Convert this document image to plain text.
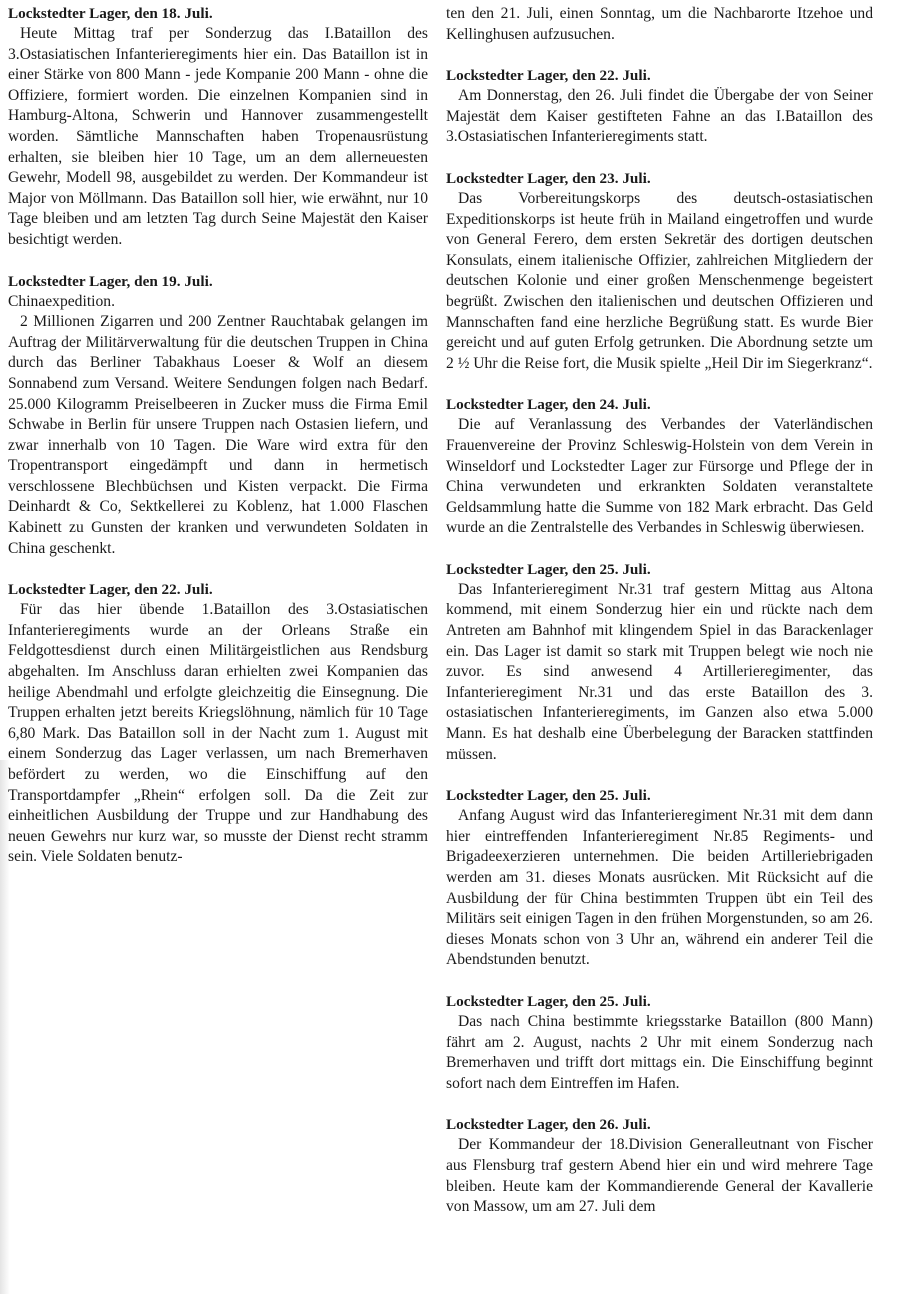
Lockstedter Lager, den 18. Juli.

Heute Mittag traf per Sonderzug das I.Bataillon des 3.Ostasiatischen Infanterieregiments hier ein. Das Bataillon ist in einer Stärke von 800 Mann - jede Kompanie 200 Mann - ohne die Offiziere, formiert worden. Die einzelnen Kompanien sind in Hamburg-Altona, Schwerin und Hannover zusammengestellt worden. Sämtliche Mannschaften haben Tropenausrüstung erhalten, sie bleiben hier 10 Tage, um an dem allerneuesten Gewehr, Modell 98, ausgebildet zu werden. Der Kommandeur ist Major von Möllmann. Das Bataillon soll hier, wie erwähnt, nur 10 Tage bleiben und am letzten Tag durch Seine Majestät den Kaiser besichtigt werden.

Lockstedter Lager, den 19. Juli.

Chinaexpedition.

2 Millionen Zigarren und 200 Zentner Rauchtabak gelangen im Auftrag der Militärverwaltung für die deutschen Truppen in China durch das Berliner Tabakhaus Loeser & Wolf an diesem Sonnabend zum Versand. Weitere Sendungen folgen nach Bedarf. 25.000 Kilogramm Preiselbeeren in Zucker muss die Firma Emil Schwabe in Berlin für unsere Truppen nach Ostasien liefern, und zwar innerhalb von 10 Tagen. Die Ware wird extra für den Tropentransport eingedämpft und dann in hermetisch verschlossene Blechbüchsen und Kisten verpackt. Die Firma Deinhardt & Co, Sektkellerei zu Koblenz, hat 1.000 Flaschen Kabinett zu Gunsten der kranken und verwundeten Soldaten in China geschenkt.

Lockstedter Lager, den 22. Juli.

Für das hier übende 1.Bataillon des 3.Ostasiatischen Infanterieregiments wurde an der Orleans Straße ein Feldgottesdienst durch einen Militärgeistlichen aus Rendsburg abgehalten. Im Anschluss daran erhielten zwei Kompanien das heilige Abendmahl und erfolgte gleichzeitig die Einsegnung. Die Truppen erhalten jetzt bereits Kriegslöhnung, nämlich für 10 Tage 6,80 Mark. Das Bataillon soll in der Nacht zum 1. August mit einem Sonderzug das Lager verlassen, um nach Bremerhaven befördert zu werden, wo die Einschiffung auf den Transportdampfer „Rhein“ erfolgen soll. Da die Zeit zur einheitlichen Ausbildung der Truppe und zur Handhabung des neuen Gewehrs nur kurz war, so musste der Dienst recht stramm sein. Viele Soldaten benutz-

ten den 21. Juli, einen Sonntag, um die Nachbarorte Itzehoe und Kellinghusen aufzusuchen.

Lockstedter Lager, den 22. Juli.

Am Donnerstag, den 26. Juli findet die Übergabe der von Seiner Majestät dem Kaiser gestifteten Fahne an das I.Bataillon des 3.Ostasiatischen Infanterieregiments statt.

Lockstedter Lager, den 23. Juli.

Das Vorbereitungskorps des deutsch-ostasiatischen Expeditionskorps ist heute früh in Mailand eingetroffen und wurde von General Ferero, dem ersten Sekretär des dortigen deutschen Konsulats, einem italienische Offizier, zahlreichen Mitgliedern der deutschen Kolonie und einer großen Menschenmenge begeistert begrüßt. Zwischen den italienischen und deutschen Offizieren und Mannschaften fand eine herzliche Begrüßung statt. Es wurde Bier gereicht und auf guten Erfolg getrunken. Die Abordnung setzte um 2 ½ Uhr die Reise fort, die Musik spielte „Heil Dir im Siegerkranz“.

Lockstedter Lager, den 24. Juli.

Die auf Veranlassung des Verbandes der Vaterländischen Frauenvereine der Provinz Schleswig-Holstein von dem Verein in Winseldorf und Lockstedter Lager zur Fürsorge und Pflege der in China verwundeten und erkrankten Soldaten veranstaltete Geldsammlung hatte die Summe von 182 Mark erbracht. Das Geld wurde an die Zentralstelle des Verbandes in Schleswig überwiesen.

Lockstedter Lager, den 25. Juli.

Das Infanterieregiment Nr.31 traf gestern Mittag aus Altona kommend, mit einem Sonderzug hier ein und rückte nach dem Antreten am Bahnhof mit klingendem Spiel in das Barackenlager ein. Das Lager ist damit so stark mit Truppen belegt wie noch nie zuvor. Es sind anwesend 4 Artillerieregimenter, das Infanterieregiment Nr.31 und das erste Bataillon des 3. ostasiatischen Infanterieregiments, im Ganzen also etwa 5.000 Mann. Es hat deshalb eine Überbelegung der Baracken stattfinden müssen.

Lockstedter Lager, den 25. Juli.

Anfang August wird das Infanterieregiment Nr.31 mit dem dann hier eintreffenden Infanterieregiment Nr.85 Regiments- und Brigadeexerzieren unternehmen. Die beiden Artilleriebrigaden werden am 31. dieses Monats ausrücken. Mit Rücksicht auf die Ausbildung der für China bestimmten Truppen übt ein Teil des Militärs seit einigen Tagen in den frühen Morgenstunden, so am 26. dieses Monats schon von 3 Uhr an, während ein anderer Teil die Abendstunden benutzt.

Lockstedter Lager, den 25. Juli.

Das nach China bestimmte kriegsstarke Bataillon (800 Mann) fährt am 2. August, nachts 2 Uhr mit einem Sonderzug nach Bremerhaven und trifft dort mittags ein. Die Einschiffung beginnt sofort nach dem Eintreffen im Hafen.

Lockstedter Lager, den 26. Juli.

Der Kommandeur der 18.Division Generalleutnant von Fischer aus Flensburg traf gestern Abend hier ein und wird mehrere Tage bleiben. Heute kam der Kommandierende General der Kavallerie von Massow, um am 27. Juli dem
